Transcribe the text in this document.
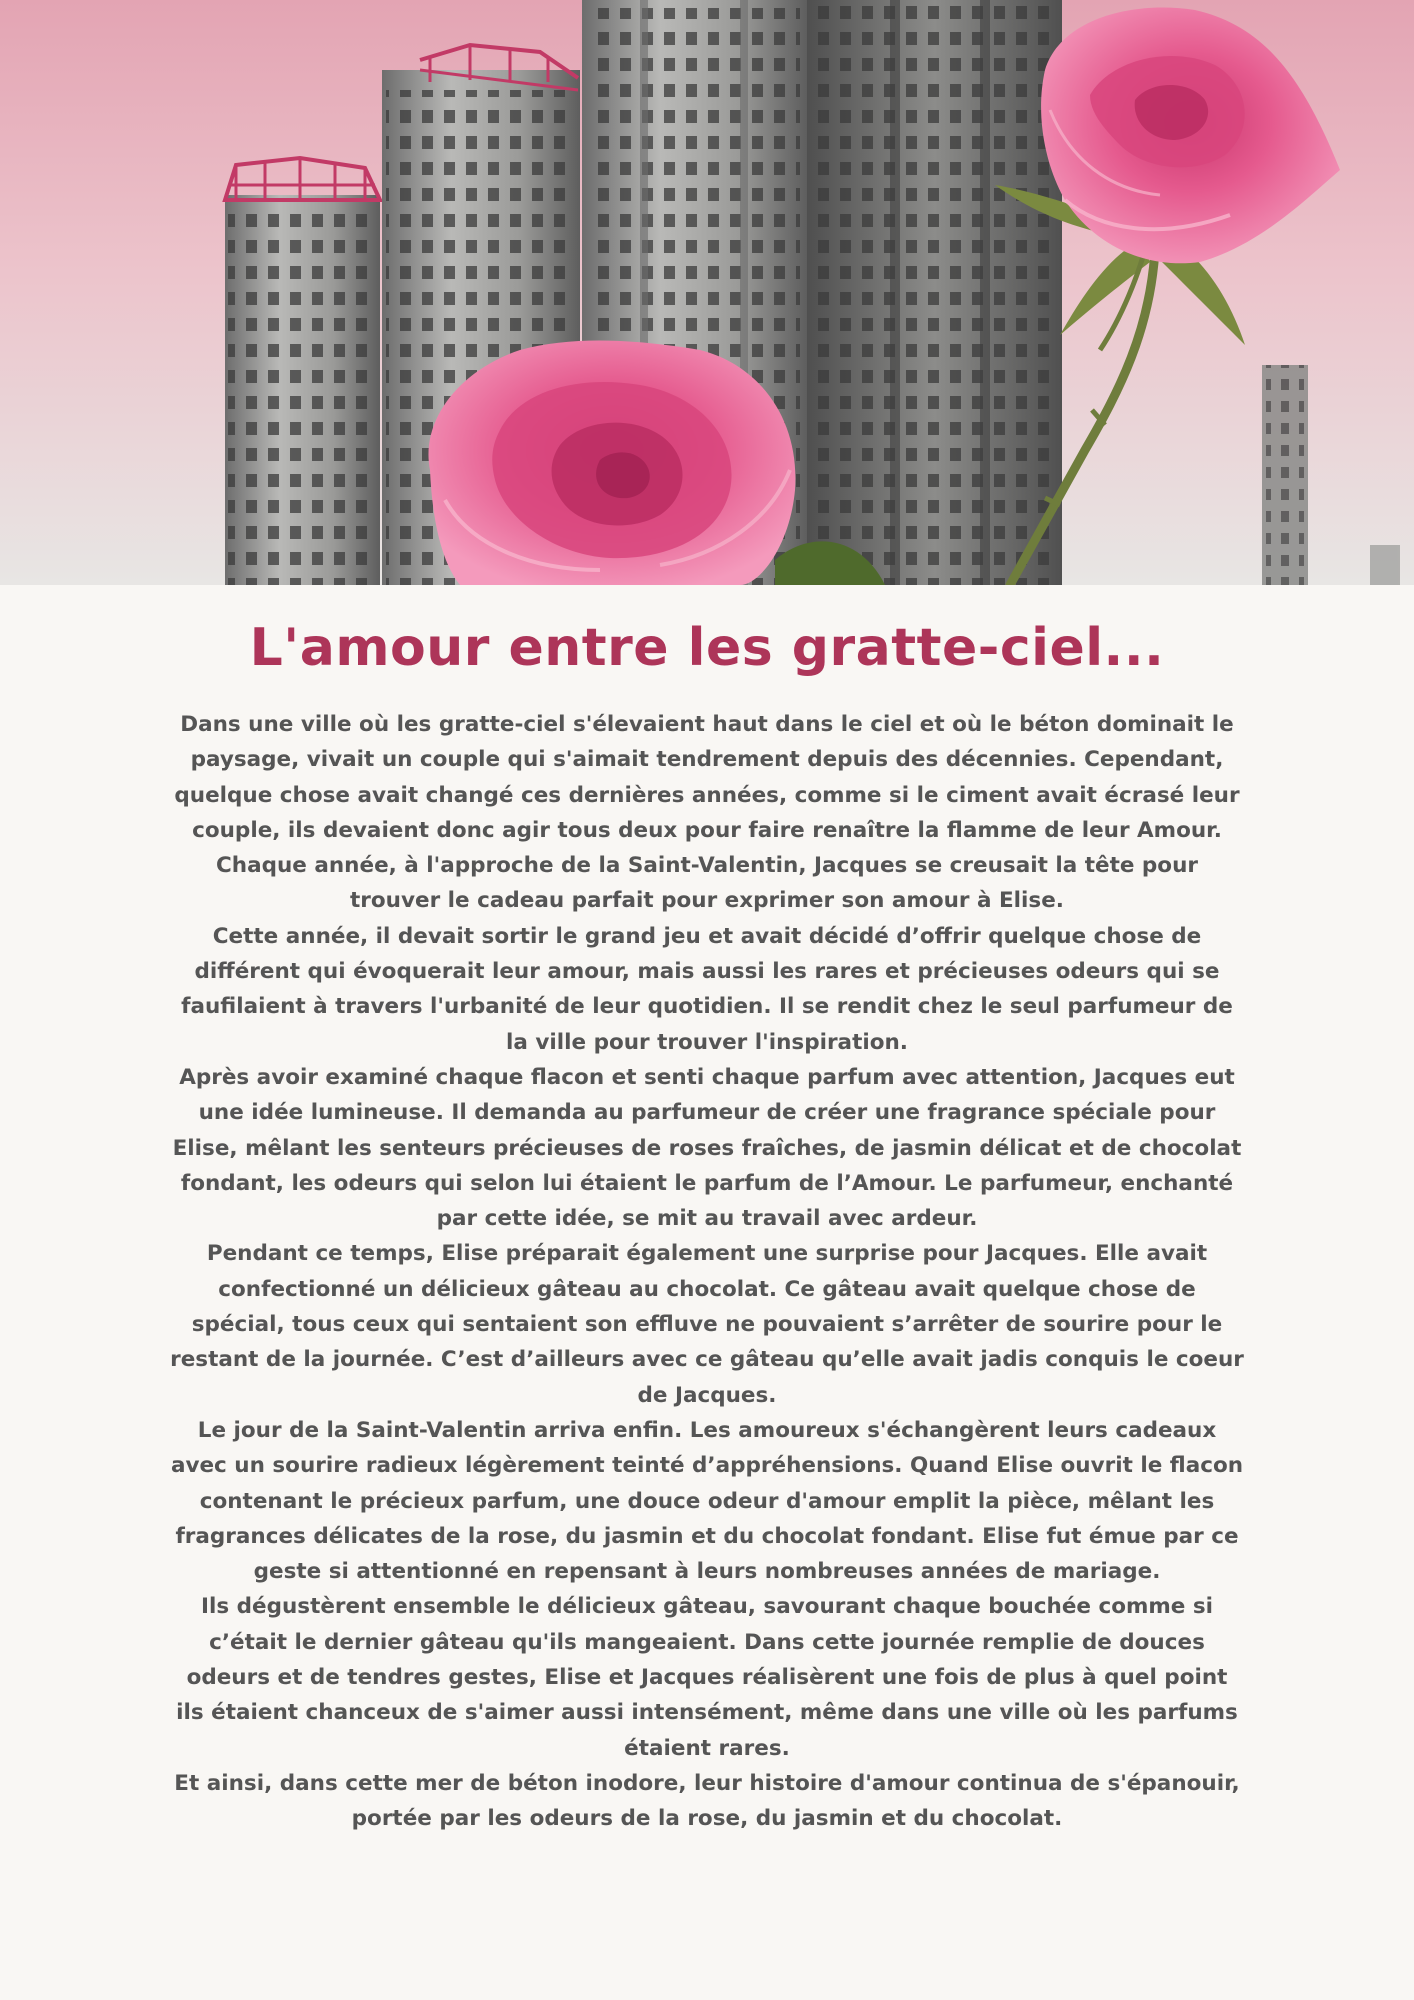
L'amour entre les gratte-ciel...

Dans une ville où les gratte-ciel s'élevaient haut dans le ciel et où le béton dominait le paysage, vivait un couple qui s'aimait tendrement depuis des décennies. Cependant, quelque chose avait changé ces dernières années, comme si le ciment avait écrasé leur couple, ils devaient donc agir tous deux pour faire renaître la flamme de leur Amour.

Chaque année, à l'approche de la Saint-Valentin, Jacques se creusait la tête pour trouver le cadeau parfait pour exprimer son amour à Elise.

Cette année, il devait sortir le grand jeu et avait décidé d’offrir quelque chose de différent qui évoquerait leur amour, mais aussi les rares et précieuses odeurs qui se faufilaient à travers l'urbanité de leur quotidien. Il se rendit chez le seul parfumeur de la ville pour trouver l'inspiration.

Après avoir examiné chaque flacon et senti chaque parfum avec attention, Jacques eut une idée lumineuse. Il demanda au parfumeur de créer une fragrance spéciale pour Elise, mêlant les senteurs précieuses de roses fraîches, de jasmin délicat et de chocolat fondant, les odeurs qui selon lui étaient le parfum de l’Amour. Le parfumeur, enchanté par cette idée, se mit au travail avec ardeur.

Pendant ce temps, Elise préparait également une surprise pour Jacques. Elle avait confectionné un délicieux gâteau au chocolat. Ce gâteau avait quelque chose de spécial, tous ceux qui sentaient son effluve ne pouvaient s’arrêter de sourire pour le restant de la journée. C’est d’ailleurs avec ce gâteau qu’elle avait jadis conquis le coeur de Jacques.

Le jour de la Saint-Valentin arriva enfin. Les amoureux s'échangèrent leurs cadeaux avec un sourire radieux légèrement teinté d’appréhensions. Quand Elise ouvrit le flacon contenant le précieux parfum, une douce odeur d'amour emplit la pièce, mêlant les fragrances délicates de la rose, du jasmin et du chocolat fondant. Elise fut émue par ce geste si attentionné en repensant à leurs nombreuses années de mariage.

Ils dégustèrent ensemble le délicieux gâteau, savourant chaque bouchée comme si c’était le dernier gâteau qu'ils mangeaient. Dans cette journée remplie de douces odeurs et de tendres gestes, Elise et Jacques réalisèrent une fois de plus à quel point ils étaient chanceux de s'aimer aussi intensément, même dans une ville où les parfums étaient rares.

Et ainsi, dans cette mer de béton inodore, leur histoire d'amour continua de s'épanouir, portée par les odeurs de la rose, du jasmin et du chocolat.
